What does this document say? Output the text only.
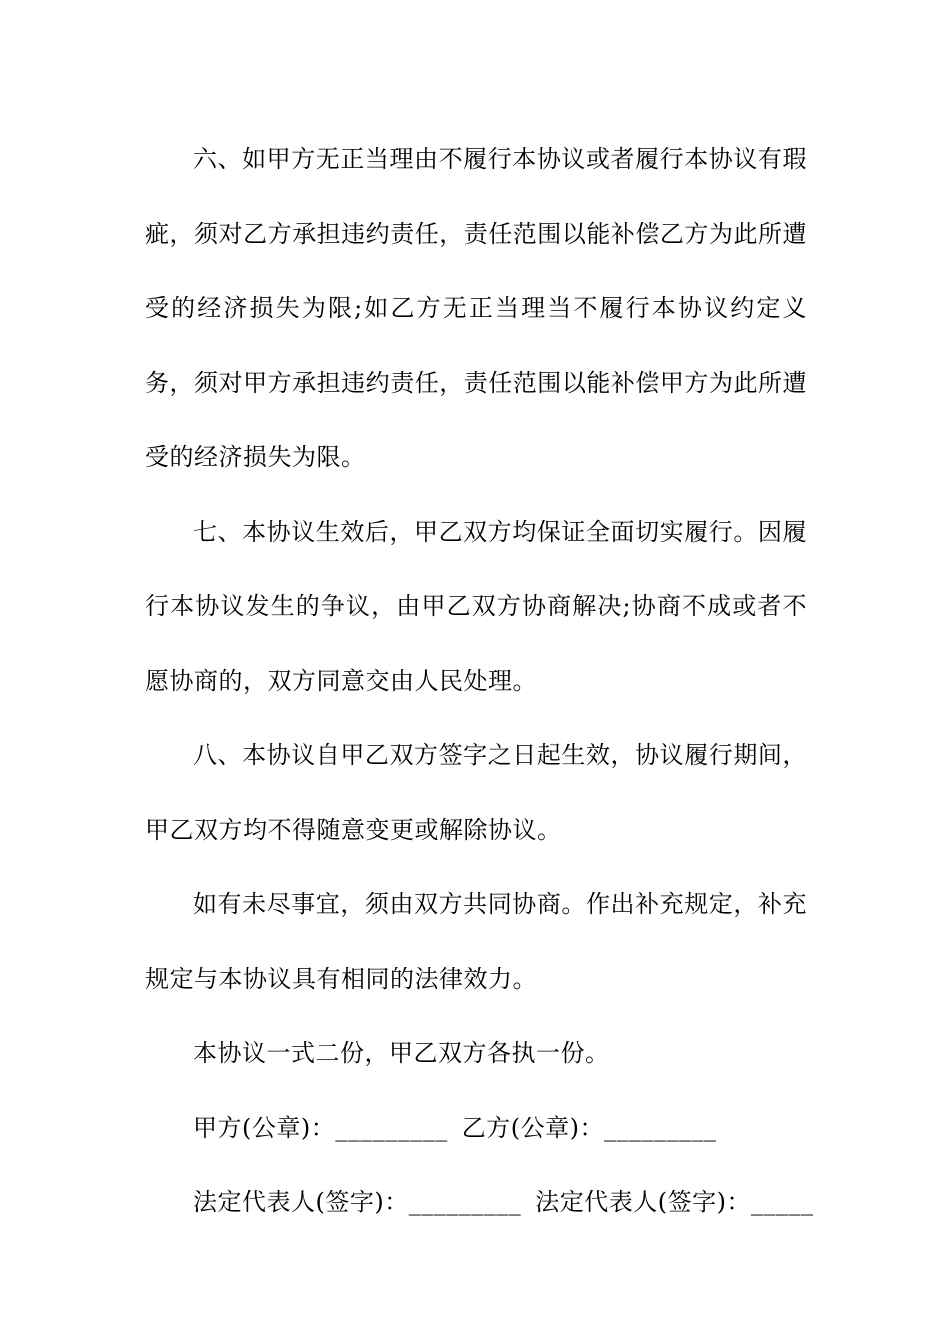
六、如甲方无正当理由不履行本协议或者履行本协议有瑕疵，须对乙方承担违约责任，责任范围以能补偿乙方为此所遭受的经济损失为限;如乙方无正当理当不履行本协议约定义务，须对甲方承担违约责任，责任范围以能补偿甲方为此所遭受的经济损失为限。

七、本协议生效后，甲乙双方均保证全面切实履行。因履行本协议发生的争议，由甲乙双方协商解决;协商不成或者不愿协商的，双方同意交由人民处理。

八、本协议自甲乙双方签字之日起生效，协议履行期间，甲乙双方均不得随意变更或解除协议。

如有未尽事宜，须由双方共同协商。作出补充规定，补充规定与本协议具有相同的法律效力。

本协议一式二份，甲乙双方各执一份。

甲方(公章)：_________ 乙方(公章)：_________
法定代表人(签字)：_________ 法定代表人(签字)：_____
